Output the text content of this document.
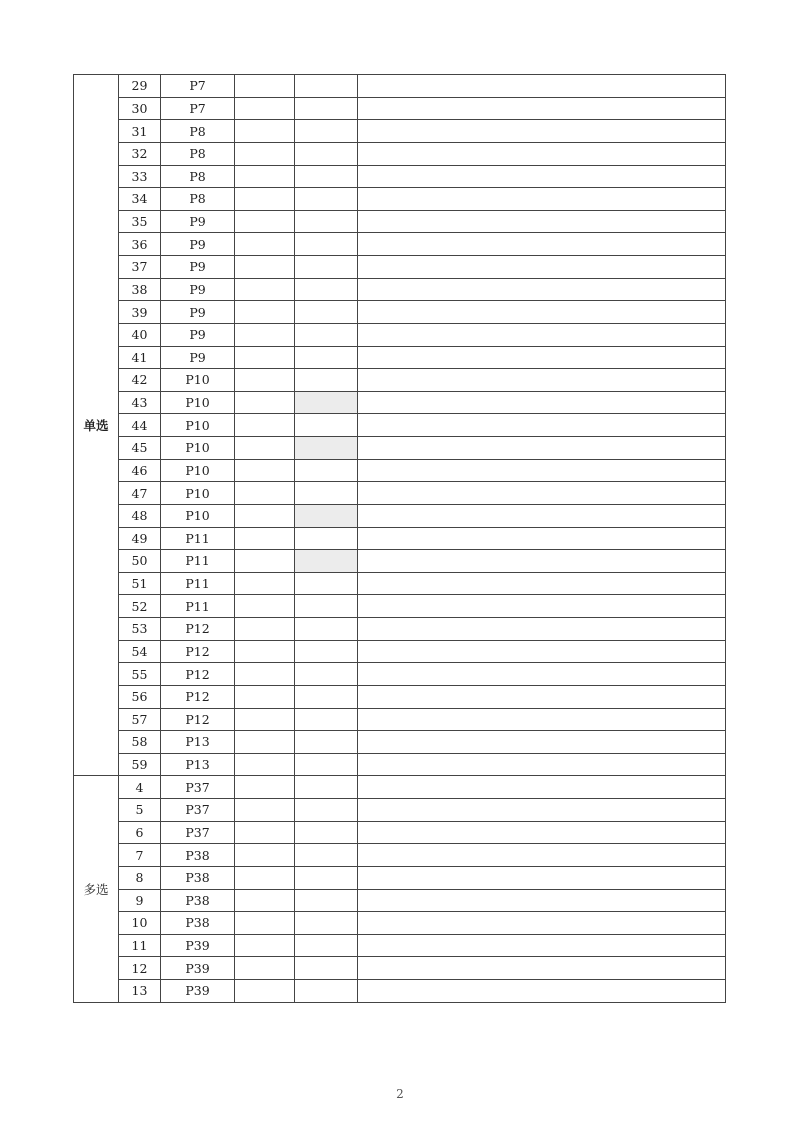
单选	29	P7			
	30	P7			
	31	P8			
	32	P8			
	33	P8			
	34	P8			
	35	P9			
	36	P9			
	37	P9			
	38	P9			
	39	P9			
	40	P9			
	41	P9			
	42	P10			
	43	P10			
	44	P10			
	45	P10			
	46	P10			
	47	P10			
	48	P10			
	49	P11			
	50	P11			
	51	P11			
	52	P11			
	53	P12			
	54	P12			
	55	P12			
	56	P12			
	57	P12			
	58	P13			
	59	P13			
多选	4	P37			
	5	P37			
	6	P37			
	7	P38			
	8	P38			
	9	P38			
	10	P38			
	11	P39			
	12	P39			
	13	P39			
2
